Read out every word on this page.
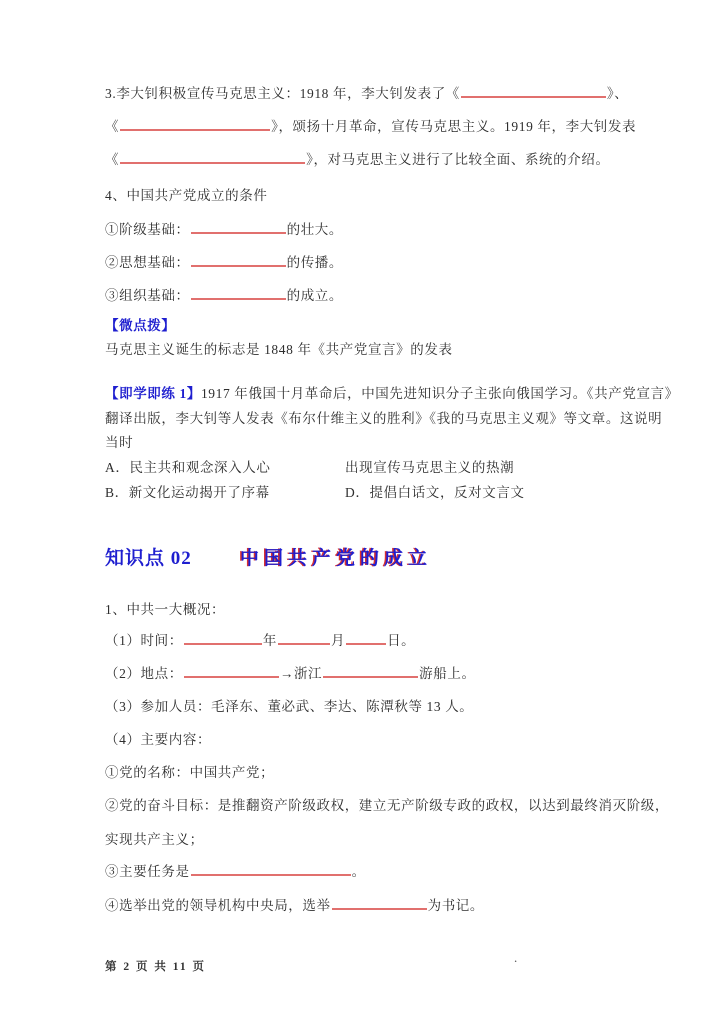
第 2 页 共 11 页
.
3.李大钊积极宣传马克思主义：1918 年，李大钊发表了《	》、
《	》，颂扬十月革命，宣传马克思主义。1919 年，李大钊发表
《	》，对马克思主义进行了比较全面、系统的介绍。
4、中国共产党成立的条件
①阶级基础：	的壮大。
②思想基础：	的传播。
③组织基础：	的成立。
【微点拨】
马克思主义诞生的标志是 1848 年《共产党宣言》的发表
【即学即练 1】1917 年俄国十月革命后，中国先进知识分子主张向俄国学习。《共产党宣言》
翻译出版，李大钊等人发表《布尔什维主义的胜利》《我的马克思主义观》等文章。这说明
当时
A．民主共和观念深入人心	出现宣传马克思主义的热潮
B．新文化运动揭开了序幕	D．提倡白话文，反对文言文
知识点 02	中国共产党的成立
1、中共一大概况：
（1）时间：	年	月	日。
（2）地点：	→浙江	游船上。
（3）参加人员：毛泽东、董必武、李达、陈潭秋等 13 人。
（4）主要内容：
①党的名称：中国共产党；
②党的奋斗目标：是推翻资产阶级政权，建立无产阶级专政的政权，以达到最终消灭阶级，
实现共产主义；
③主要任务是	。
④选举出党的领导机构中央局，选举	为书记。
